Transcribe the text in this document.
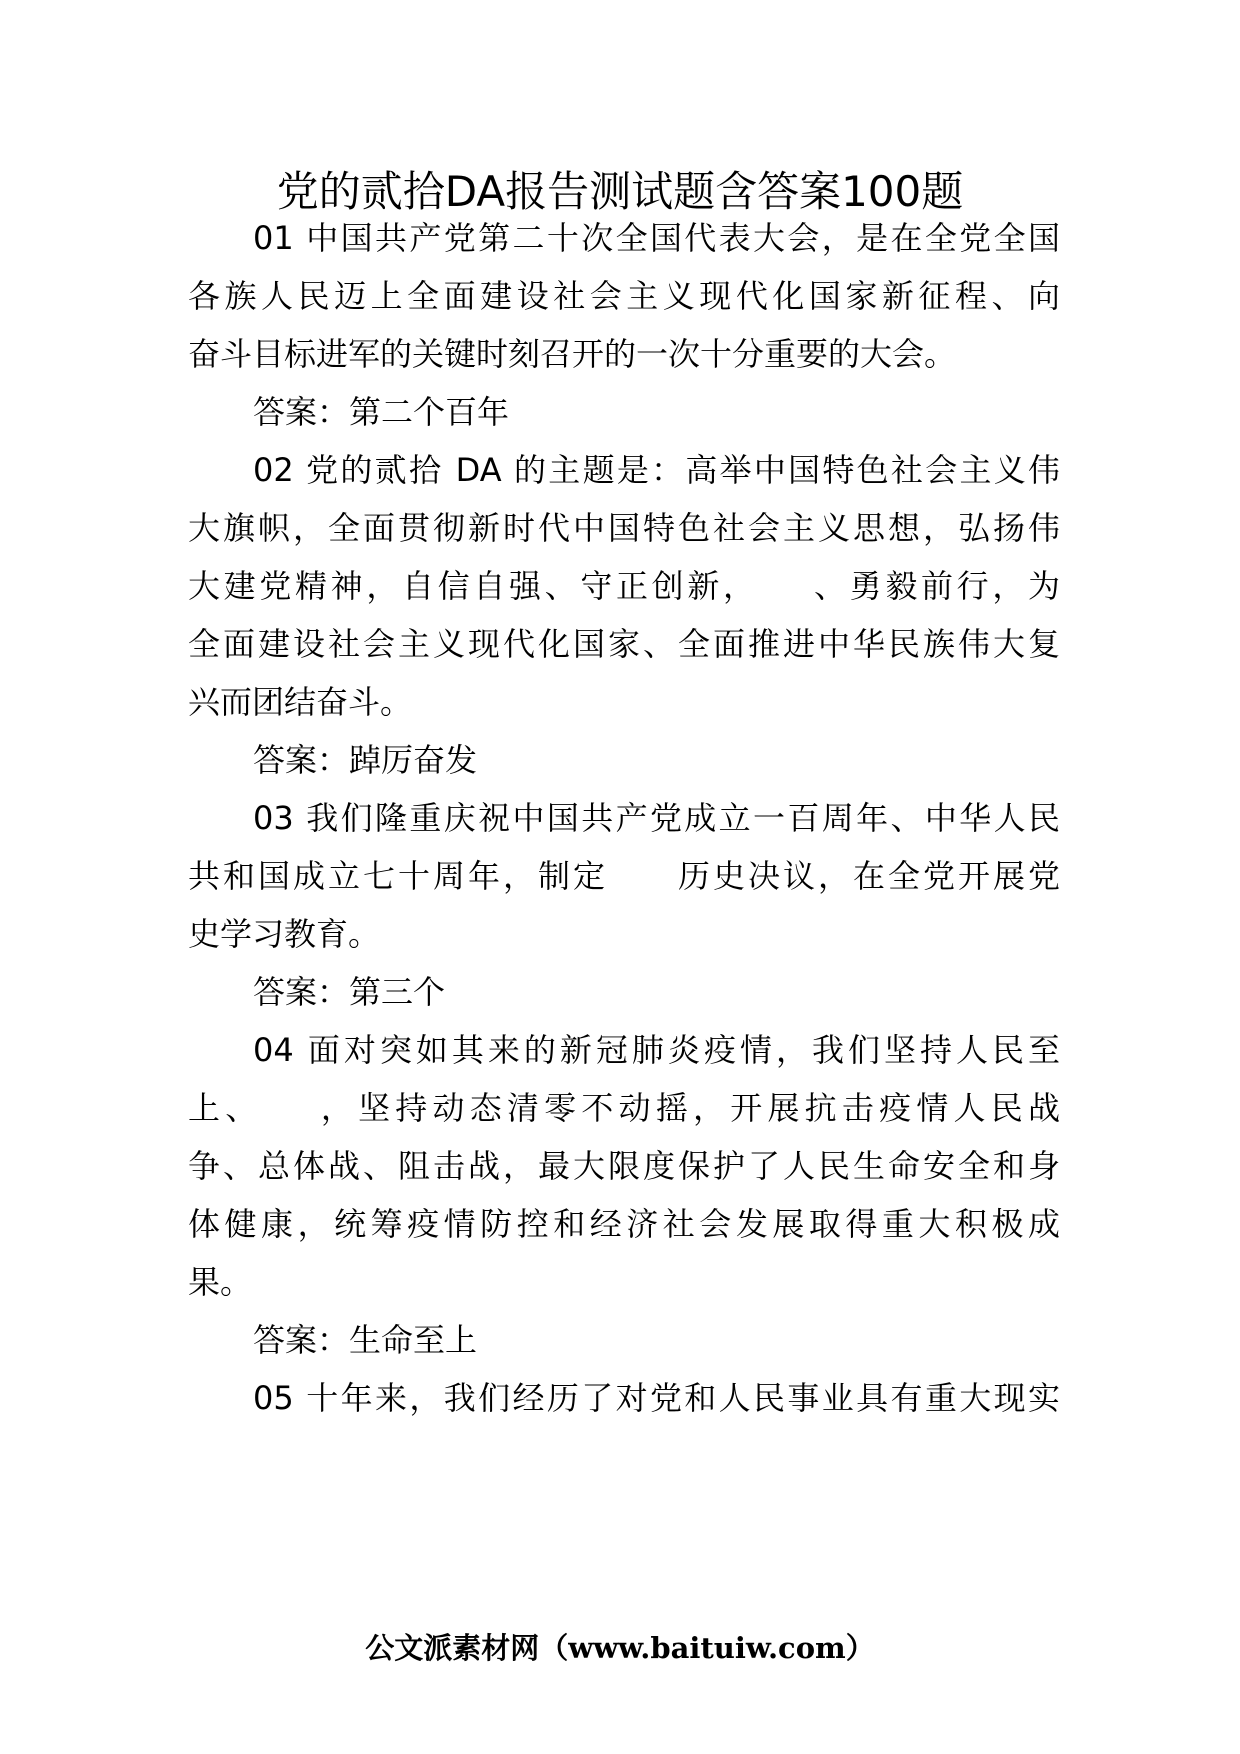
党的贰拾DA报告测试题含答案100题
01 中国共产党第二十次全国代表大会，是在全党全国
各族人民迈上全面建设社会主义现代化国家新征程、向
奋斗目标进军的关键时刻召开的一次十分重要的大会。
答案：第二个百年
02 党的贰拾 DA 的主题是：高举中国特色社会主义伟
大旗帜，全面贯彻新时代中国特色社会主义思想，弘扬伟
大建党精神，自信自强、守正创新，　　、勇毅前行，为
全面建设社会主义现代化国家、全面推进中华民族伟大复
兴而团结奋斗。
答案：踔厉奋发
03 我们隆重庆祝中国共产党成立一百周年、中华人民
共和国成立七十周年，制定　　历史决议，在全党开展党
史学习教育。
答案：第三个
04 面对突如其来的新冠肺炎疫情，我们坚持人民至
上、　　，坚持动态清零不动摇，开展抗击疫情人民战
争、总体战、阻击战，最大限度保护了人民生命安全和身
体健康，统筹疫情防控和经济社会发展取得重大积极成
果。
答案：生命至上
05 十年来，我们经历了对党和人民事业具有重大现实
公文派素材网（www.baituiw.com）
